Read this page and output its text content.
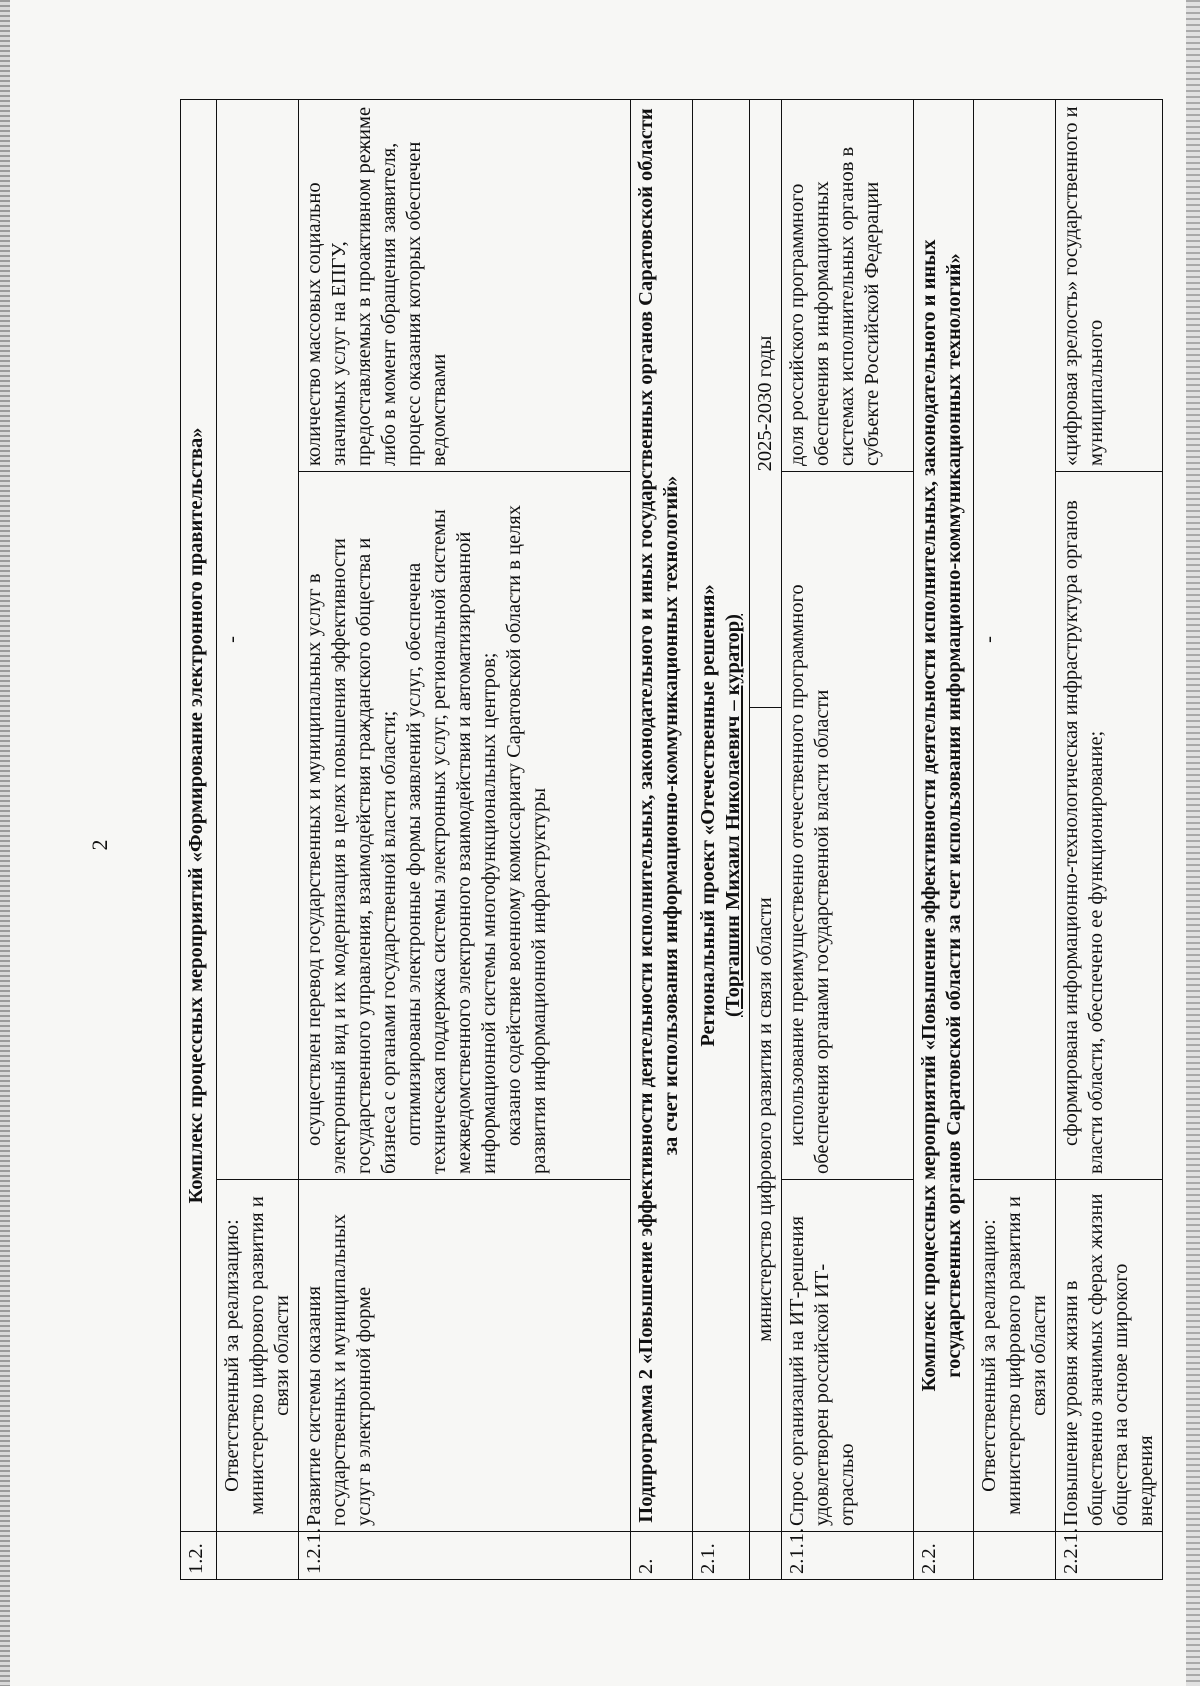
2
1.2.	Комплекс процессных мероприятий «Формирование электронного правительства»			
	Ответственный за реализацию: министерство цифрового развития и связи области	-		
1.2.1.	Развитие системы оказания государственных и муниципальных услуг в электронной форме	осуществлен перевод государственных и муниципальных услуг в электронный вид и их модернизация в целях повышения эффективности государственного управления, взаимодействия гражданского общества и бизнеса с органами государственной власти области; оптимизированы электронные формы заявлений услуг, обеспечена техническая поддержка системы электронных услуг, региональной системы межведомственного электронного взаимодействия и автоматизированной информационной системы многофункциональных центров; оказано содействие военному комиссариату Саратовской области в целях развития информационной инфраструктуры		количество массовых социально значимых услуг на ЕПГУ, предоставляемых в проактивном режиме либо в момент обращения заявителя, процесс оказания которых обеспечен ведомствами
2.	Подпрограмма 2 «Повышение эффективности деятельности исполнительных, законодательного и иных государственных органов Саратовской области за счет использования информационно-коммуникационных технологий»			
2.1.	Региональный проект «Отечественные решения» (Торгашин Михаил Николаевич – куратор)			

	министерство цифрового развития и связи области		2025-2030 годы	
2.1.1.	Спрос организаций на ИТ-решения удовлетворен российской ИТ-отраслью	использование преимущественно отечественного программного обеспечения органами государственной власти области		доля российского программного обеспечения в информационных системах исполнительных органов в субъекте Российской Федерации
2.2.	Комплекс процессных мероприятий «Повышение эффективности деятельности исполнительных, законодательного и иных государственных органов Саратовской области за счет использования информационно-коммуникационных технологий»			

	Ответственный за реализацию: министерство цифрового развития и связи области	-		
2.2.1.	Повышение уровня жизни в общественно значимых сферах жизни общества на основе широкого внедрения	сформирована информационно-технологическая инфраструктура органов власти области, обеспечено ее функционирование;		«цифровая зрелость» государственного и муниципального
